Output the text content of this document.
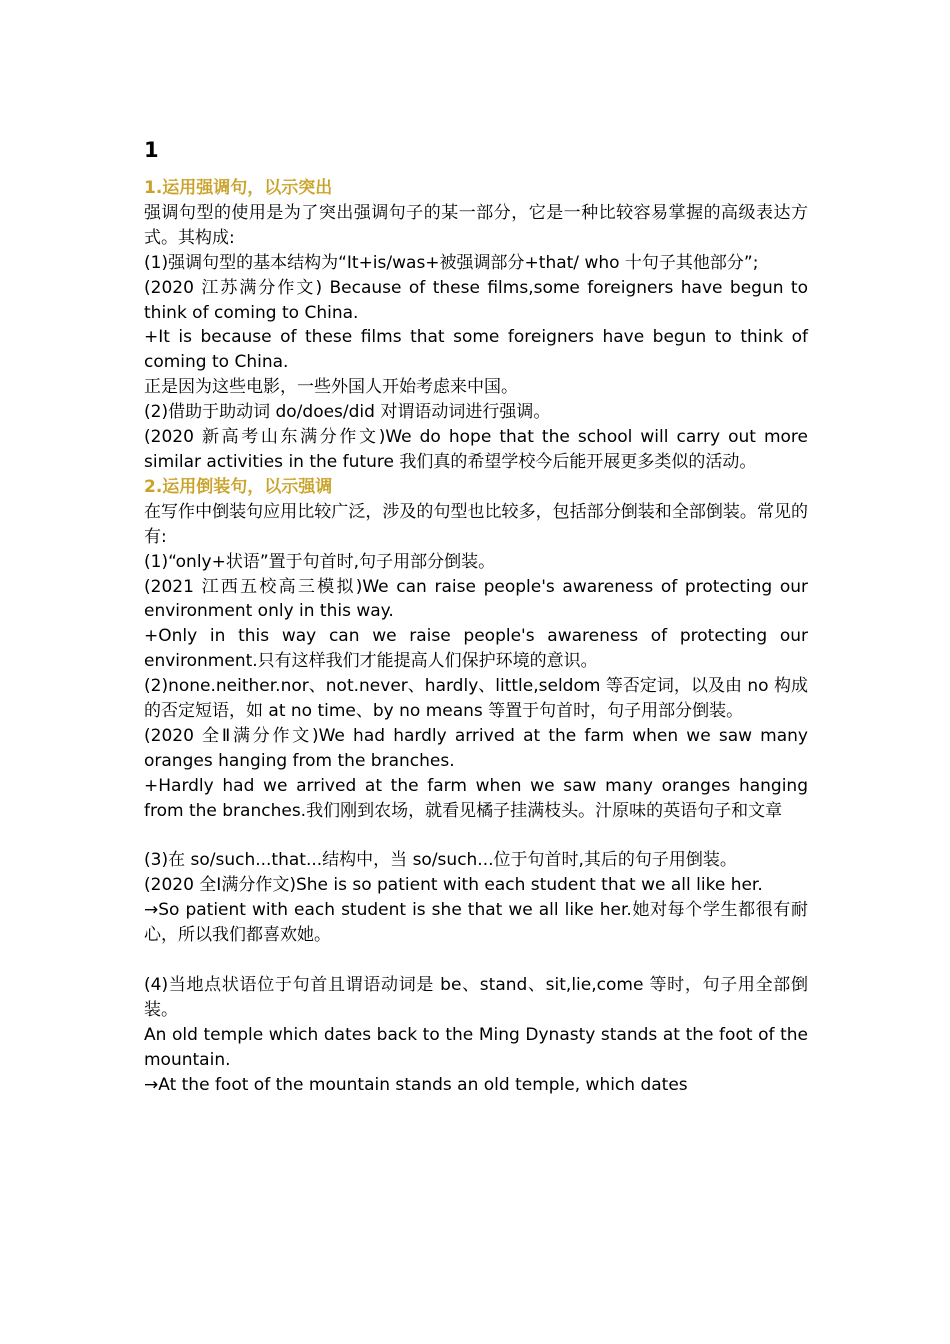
1
1.运用强调句，以示突出
强调句型的使用是为了突出强调句子的某一部分，它是一种比较容易掌握的高级表达方式。其构成:
(1)强调句型的基本结构为“It+is/was+被强调部分+that/ who 十句子其他部分”;
(2020 江苏满分作文) Because of these films,some foreigners have begun to think of coming to China.
+It is because of these films that some foreigners have begun to think of coming to China.
正是因为这些电影，一些外国人开始考虑来中国。
(2)借助于助动词 do/does/did 对谓语动词进行强调。
(2020 新高考山东满分作文)We do hope that the school will carry out more similar activities in the future 我们真的希望学校今后能开展更多类似的活动。
2.运用倒装句，以示强调
在写作中倒装句应用比较广泛，涉及的句型也比较多，包括部分倒装和全部倒装。常见的有:
(1)“only+状语”置于句首时,句子用部分倒装。
(2021 江西五校高三模拟)We can raise people's awareness of protecting our environment only in this way.
+Only in this way can we raise people's awareness of protecting our environment.只有这样我们才能提高人们保护环境的意识。
(2)none.neither.nor、not.never、hardly、little,seldom 等否定词，以及由 no 构成的否定短语，如 at no time、by no means 等置于句首时，句子用部分倒装。
(2020 全Ⅱ满分作文)We had hardly arrived at the farm when we saw many oranges hanging from the branches.
+Hardly had we arrived at the farm when we saw many oranges hanging from the branches.我们刚到农场，就看见橘子挂满枝头。汁原味的英语句子和文章
(3)在 so/such...that...结构中，当 so/such...位于句首时,其后的句子用倒装。
(2020 全Ⅰ满分作文)She is so patient with each student that we all like her.
→So patient with each student is she that we all like her.她对每个学生都很有耐心，所以我们都喜欢她。
(4)当地点状语位于句首且谓语动词是 be、stand、sit,lie,come 等时，句子用全部倒装。
An old temple which dates back to the Ming Dynasty stands at the foot of the mountain.
→At the foot of the mountain stands an old temple, which dates
